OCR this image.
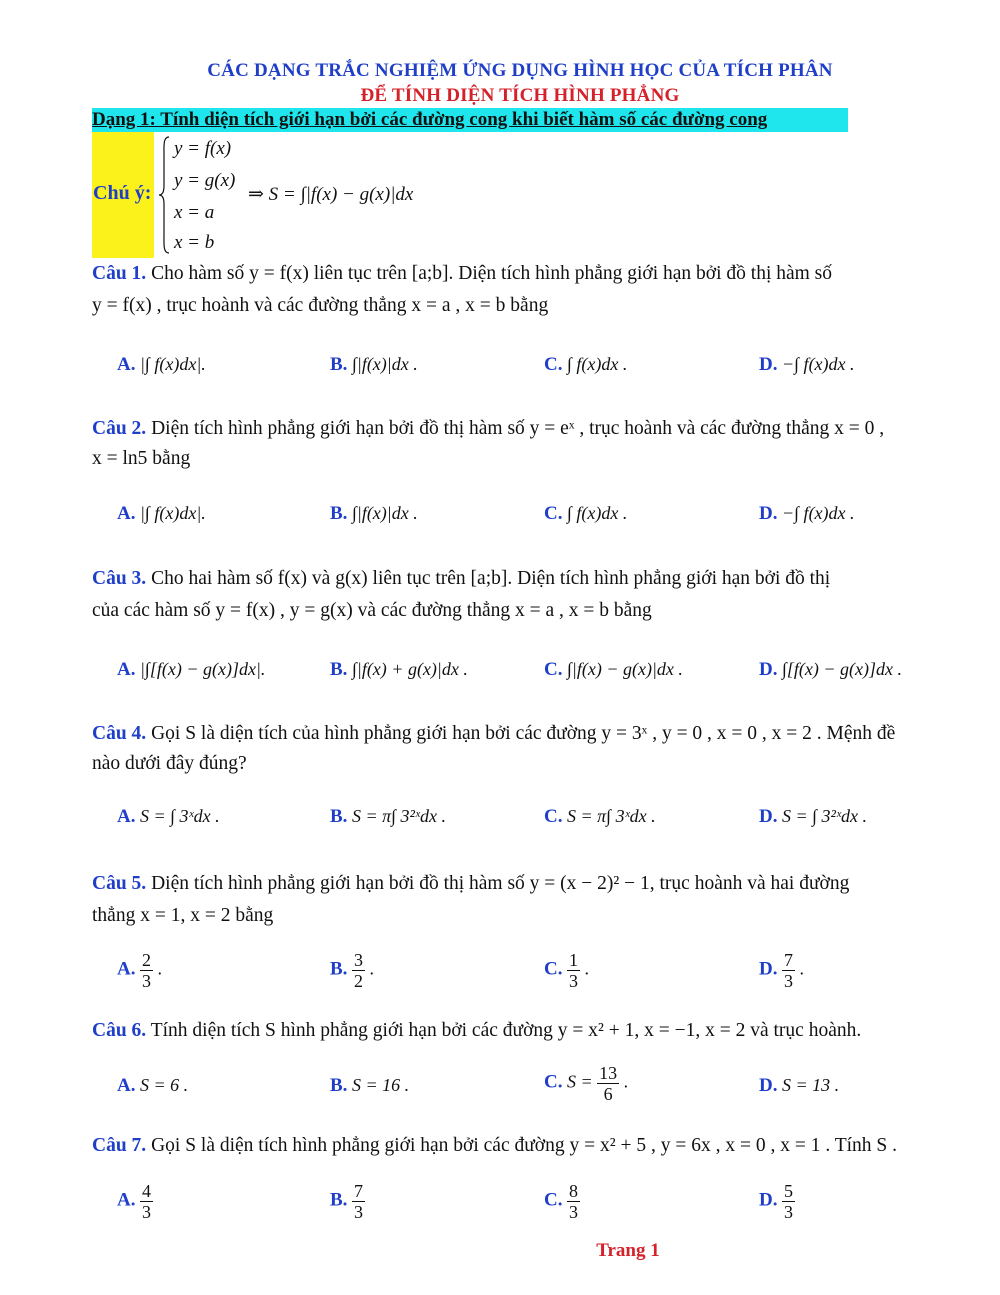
CÁC DẠNG TRẮC NGHIỆM ỨNG DỤNG HÌNH HỌC CỦA TÍCH PHÂN
ĐỂ TÍNH DIỆN TÍCH HÌNH PHẲNG
Dạng 1: Tính diện tích giới hạn bởi các đường cong khi biết hàm số các đường cong
Chú ý:
y = f(x)
y = g(x)
x = a
x = b
⇒ S = ∫|f(x) − g(x)|dx
Câu 1. Cho hàm số y = f(x) liên tục trên [a;b]. Diện tích hình phẳng giới hạn bởi đồ thị hàm số
y = f(x) , trục hoành và các đường thẳng x = a , x = b bằng
A. |∫ f(x)dx|.	B. ∫|f(x)|dx .	C. ∫ f(x)dx .	D. −∫ f(x)dx .
Câu 2. Diện tích hình phẳng giới hạn bởi đồ thị hàm số y = eˣ , trục hoành và các đường thẳng x = 0 ,
x = ln5 bằng
A. |∫ f(x)dx|.	B. ∫|f(x)|dx .	C. ∫ f(x)dx .	D. −∫ f(x)dx .
Câu 3. Cho hai hàm số f(x) và g(x) liên tục trên [a;b]. Diện tích hình phẳng giới hạn bởi đồ thị
của các hàm số y = f(x) , y = g(x) và các đường thẳng x = a , x = b bằng
A. |∫[f(x) − g(x)]dx|.	B. ∫|f(x) + g(x)|dx .	C. ∫|f(x) − g(x)|dx .	D. ∫[f(x) − g(x)]dx .
Câu 4. Gọi S là diện tích của hình phẳng giới hạn bởi các đường y = 3ˣ , y = 0 , x = 0 , x = 2 . Mệnh đề
nào dưới đây đúng?
A. S = ∫ 3ˣdx .	B. S = π∫ 3²ˣdx .	C. S = π∫ 3ˣdx .	D. S = ∫ 3²ˣdx .
Câu 5. Diện tích hình phẳng giới hạn bởi đồ thị hàm số y = (x − 2)² − 1, trục hoành và hai đường
thẳng x = 1, x = 2 bằng
A. $\frac{2}{3}$ .	B. $\frac{3}{2}$ .	C. $\frac{1}{3}$ .	D. $\frac{7}{3}$ .
Câu 6. Tính diện tích S hình phẳng giới hạn bởi các đường y = x² + 1, x = −1, x = 2 và trục hoành.
A. S = 6 .	B. S = 16 .	C. $S = \frac{13}{6}$ .	D. S = 13 .
Câu 7. Gọi S là diện tích hình phẳng giới hạn bởi các đường y = x² + 5 , y = 6x , x = 0 , x = 1 . Tính S .
A. $\frac{4}{3}$	B. $\frac{7}{3}$	C. $\frac{8}{3}$	D. $\frac{5}{3}$
Trang 1
